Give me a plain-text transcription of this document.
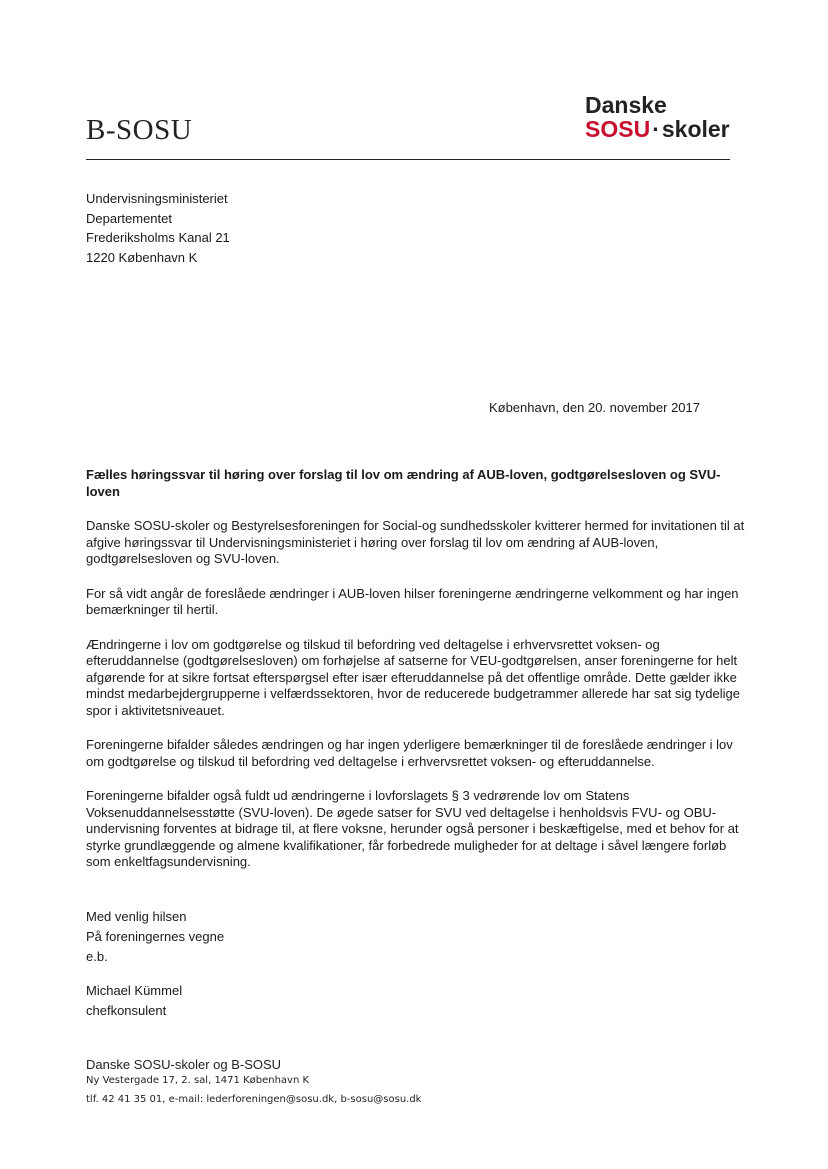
B-SOSU
Danske
SOSU·skoler
Undervisningsministeriet
Departementet
Frederiksholms Kanal 21
1220 København K
København, den 20. november 2017

Fælles høringssvar til høring over forslag til lov om ændring af AUB-loven, godtgørelsesloven og SVU-loven

Danske SOSU-skoler og Bestyrelsesforeningen for Social-og sundhedsskoler kvitterer hermed for invitationen til at afgive høringssvar til Undervisningsministeriet i høring over forslag til lov om ændring af AUB-loven, godtgørelsesloven og SVU-loven.

For så vidt angår de foreslåede ændringer i AUB-loven hilser foreningerne ændringerne velkomment og har ingen bemærkninger til hertil.

Ændringerne i lov om godtgørelse og tilskud til befordring ved deltagelse i erhvervsrettet voksen- og efteruddannelse (godtgørelsesloven) om forhøjelse af satserne for VEU-godtgørelsen, anser foreningerne for helt afgørende for at sikre fortsat efterspørgsel efter især efteruddannelse på det offentlige område. Dette gælder ikke mindst medarbejdergrupperne i velfærdssektoren, hvor de reducerede budgetrammer allerede har sat sig tydelige spor i aktivitetsniveauet.

Foreningerne bifalder således ændringen og har ingen yderligere bemærkninger til de foreslåede ændringer i lov om godtgørelse og tilskud til befordring ved deltagelse i erhvervsrettet voksen- og efteruddannelse.

Foreningerne bifalder også fuldt ud ændringerne i lovforslagets § 3 vedrørende lov om Statens Voksenuddannelsesstøtte (SVU-loven). De øgede satser for SVU ved deltagelse i henholdsvis FVU- og OBU-undervisning forventes at bidrage til, at flere voksne, herunder også personer i beskæftigelse, med et behov for at styrke grundlæggende og almene kvalifikationer, får forbedrede muligheder for at deltage i såvel længere forløb som enkeltfagsundervisning.

Med venlig hilsen
På foreningernes vegne
e.b.
Michael Kümmel
chefkonsulent
Danske SOSU-skoler og B-SOSU
Ny Vestergade 17, 2. sal, 1471 København K
tlf. 42 41 35 01, e-mail: lederforeningen@sosu.dk, b-sosu@sosu.dk
